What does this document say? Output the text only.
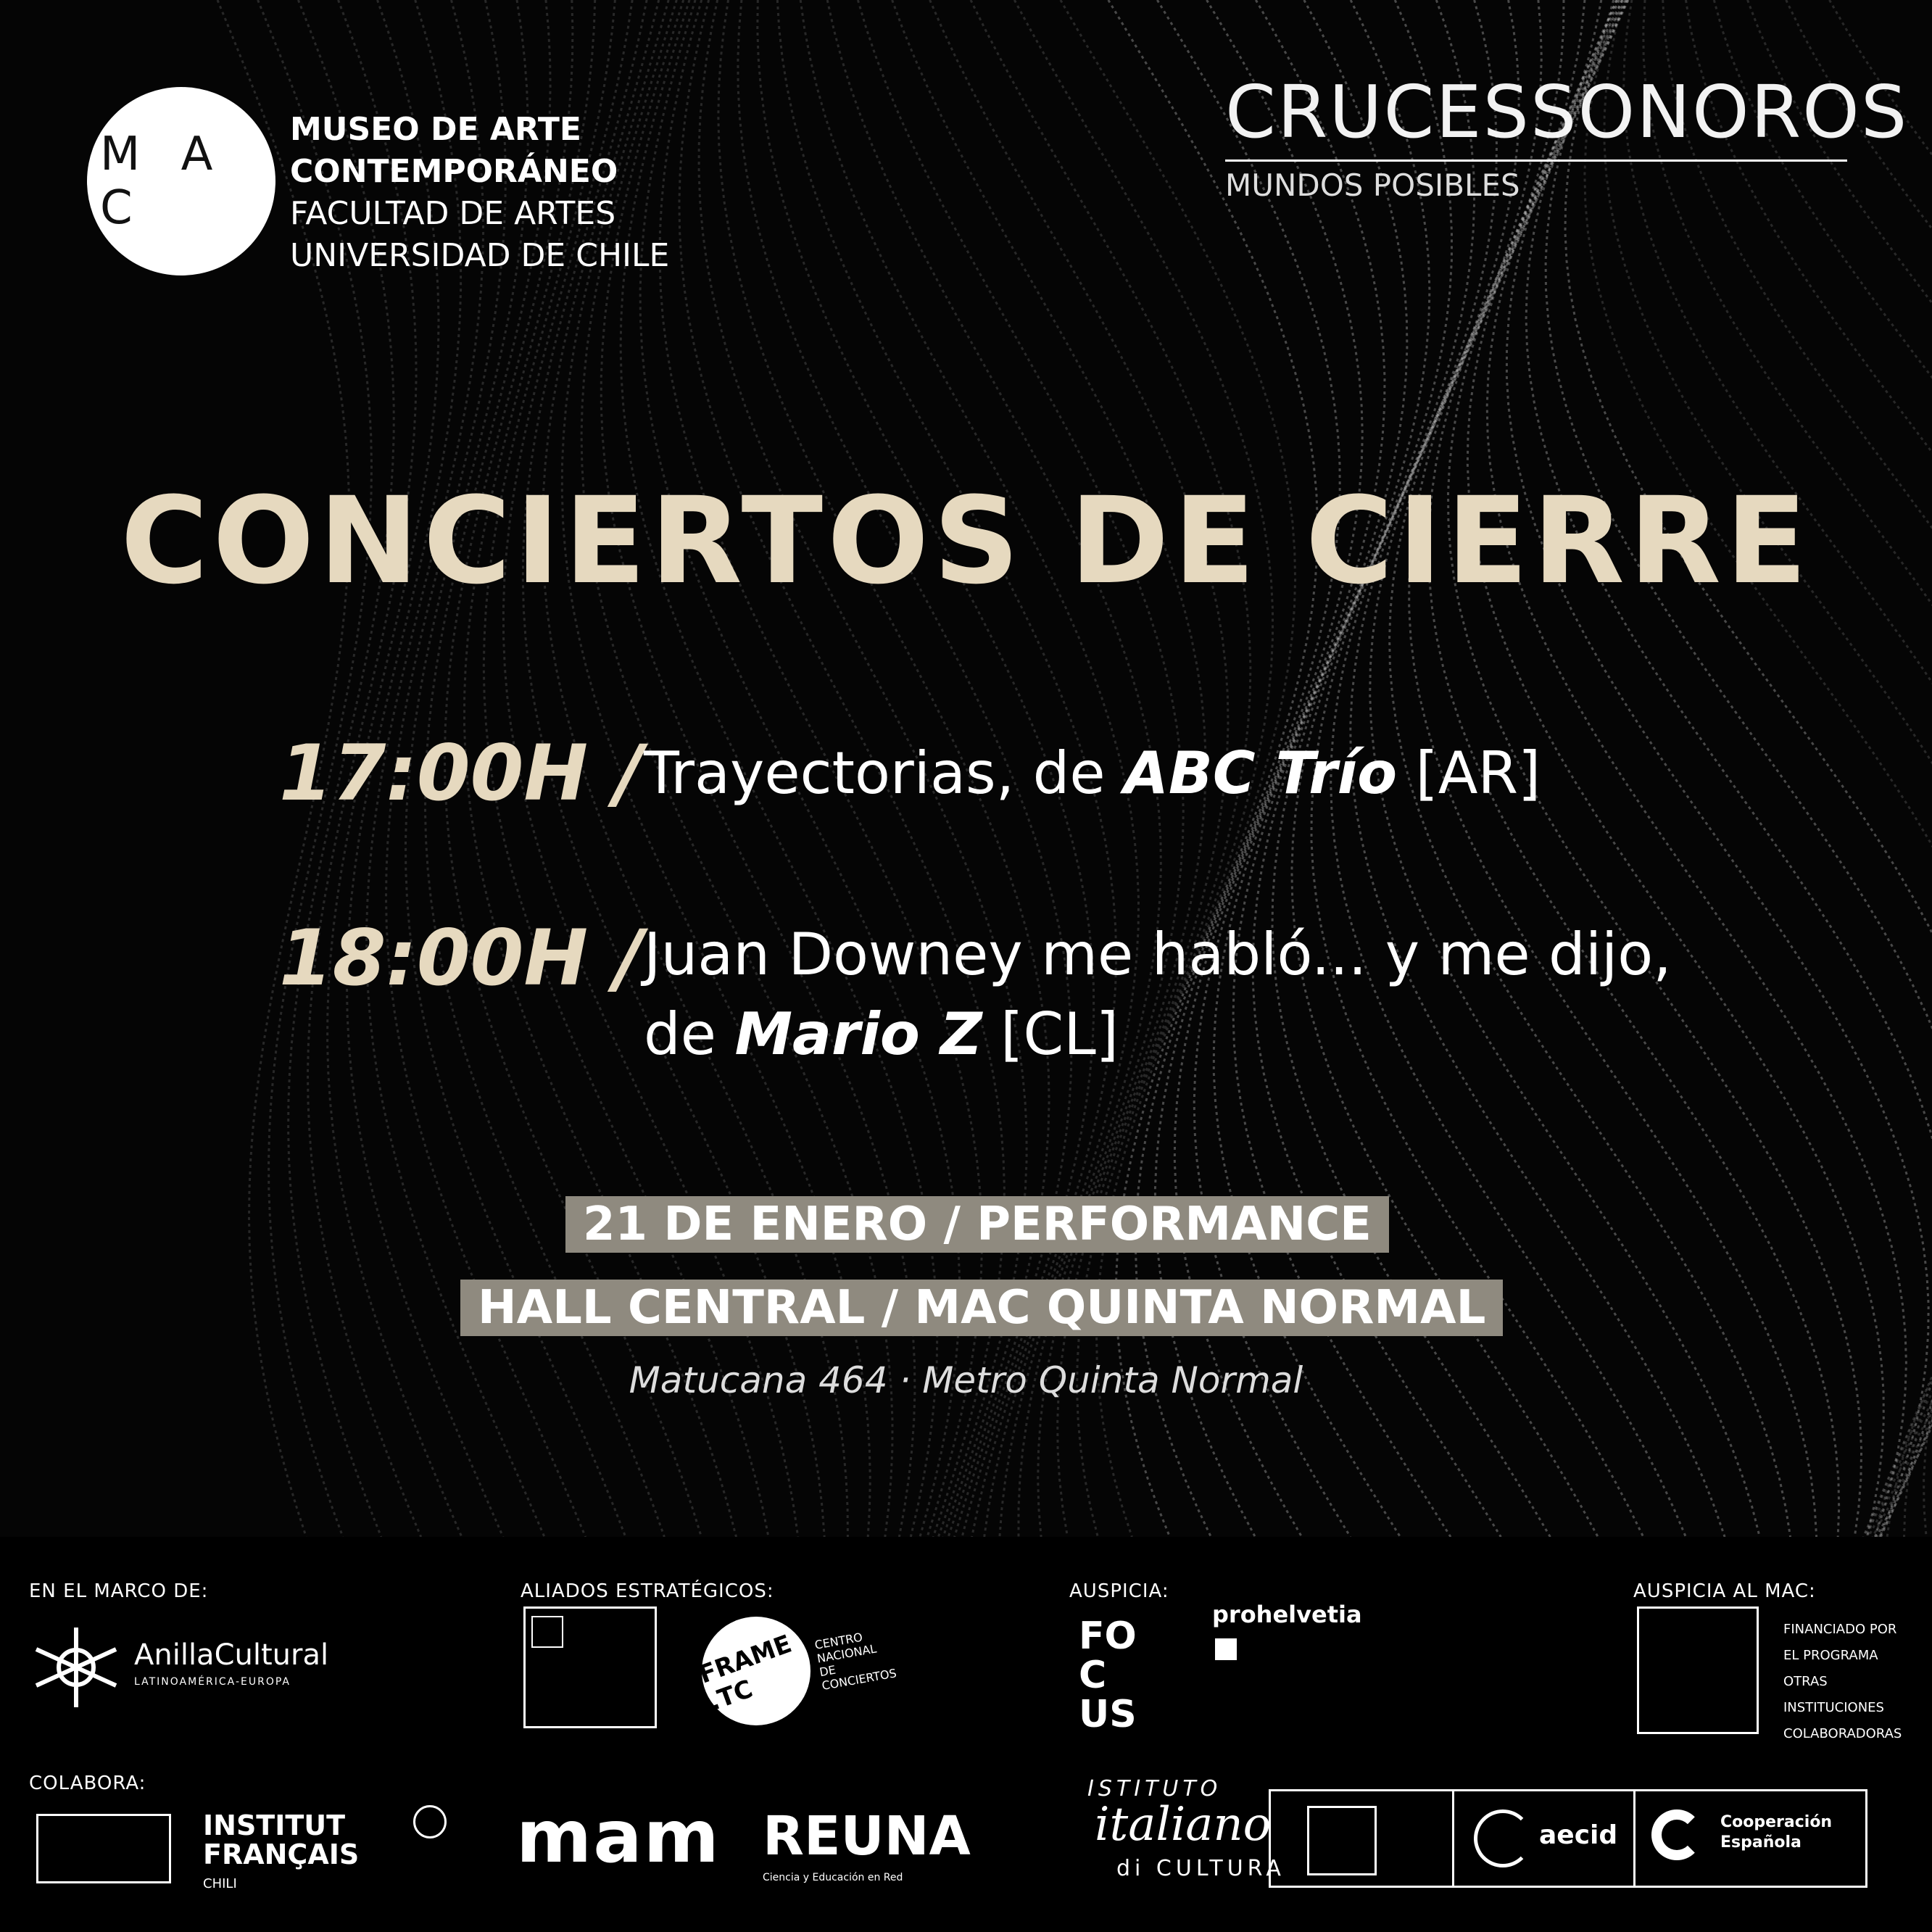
M A C
MUSEO DE ARTE
CONTEMPORÁNEO
FACULTAD DE ARTES
UNIVERSIDAD DE CHILE
CRUCESSONOROS
MUNDOS POSIBLES
CONCIERTOS DE CIERRE
17:00H / Trayectorias, de ABC Trío [AR]
18:00H / Juan Downey me habló... y me dijo,
de Mario Z [CL]
21 DE ENERO / PERFORMANCE
HALL CENTRAL / MAC QUINTA NORMAL
Matucana 464 · Metro Quinta Normal
EN EL MARCO DE:	ALIADOS ESTRATÉGICOS:	AUSPICIA:	AUSPICIA AL MAC:
AnillaCultural
LATINOAMÉRICA-EUROPA	FRAME .TC
CENTRO NACIONAL DE CONCIERTOS
FOCUS
prohelvetia
FINANCIADO POR EL PROGRAMA OTRAS INSTITUCIONES COLABORADORAS
COLABORA:
INSTITUT FRANÇAIS
CHILI
mam REUNA
Ciencia y Educación en Red
ISTITUTO
italiano
di CULTURA
aecid	Cooperación
Española
